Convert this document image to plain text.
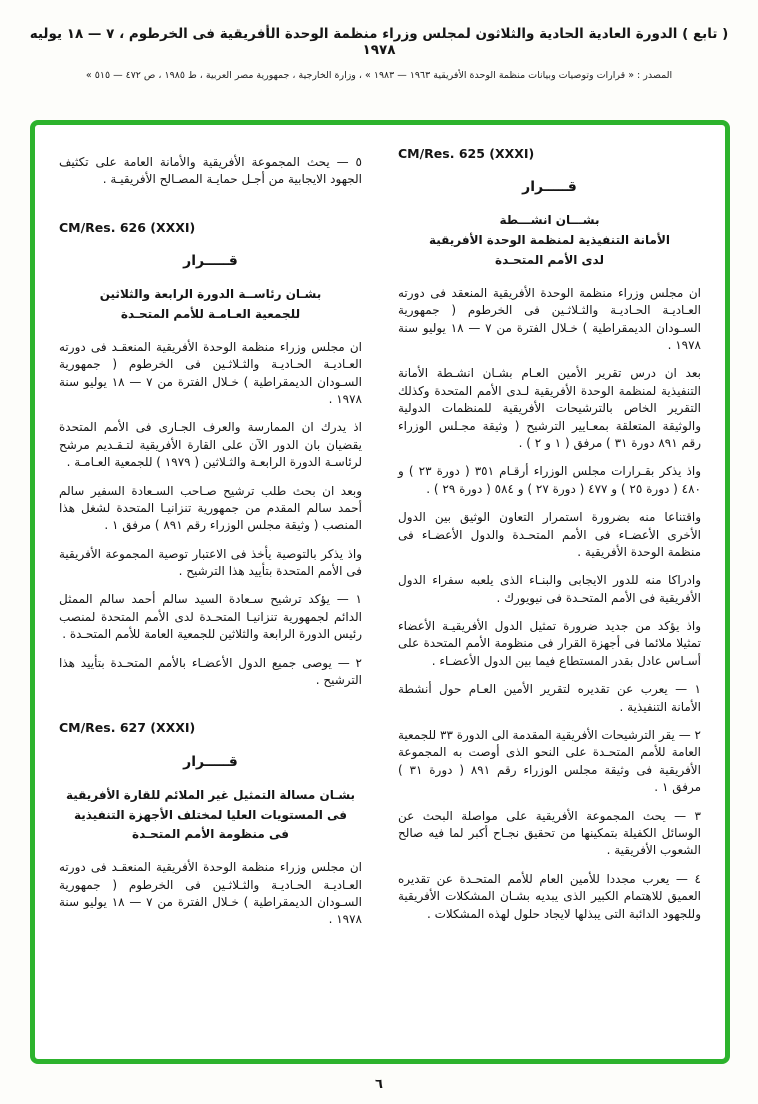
( تابع ) الدورة العادية الحادية والثلاثون لمجلس وزراء منظمة الوحدة الأفريقية فى الخرطوم ، ٧ — ١٨ يوليه ١٩٧٨
المصدر : « قرارات وتوصيات وبيانات منظمة الوحدة الأفريقية ١٩٦٣ — ١٩٨٣ » ، وزارة الخارجية ، جمهورية مصر العربية ، ط ١٩٨٥ ، ص ٤٧٢ — ٥١٥ »
CM/Res. 625 (XXXI)
قـــــرار
بشـــان انشـــطة
الأمانة التنفيذية لمنظمة الوحدة الأفريقية
لدى الأمم المتحـدة
ان مجلس وزراء منظمة الوحدة الأفريقية المنعقد فى دورته العـاديـة الحـاديـة والثـلاثـين فى الخرطوم ( جمهورية السـودان الديمقراطية ) خـلال الفترة من ٧ — ١٨ يوليو سنة ١٩٧٨ .
بعد ان درس تقرير الأمين العـام بشـان انشـطة الأمانة التنفيذية لمنظمة الوحدة الأفريقية لـدى الأمم المتحدة وكذلك التقرير الخاص بالترشيحات الأفريقية للمنظمات الدولية والوثيقة المتعلقة بمعـايير الترشيح ( وثيقة مجـلس الوزراء رقم ٨٩١ دورة ٣١ ) مرفق ( ١ و ٢ ) .
واذ يذكر بقـرارات مجلس الوزراء أرقـام ٣٥١ ( دورة ٢٣ ) و ٤٨٠ ( دورة ٢٥ ) و ٤٧٧ ( دورة ٢٧ ) و ٥٨٤ ( دورة ٢٩ ) .
واقتناعا منه بضرورة استمرار التعاون الوثيق بين الدول الأخرى الأعضـاء فى الأمم المتحـدة والدول الأعضـاء فى منظمة الوحدة الأفريقية .
وادراكا منه للدور الايجابى والبنـاء الذى يلعبه سفراء الدول الأفريقية فى الأمم المتحـدة فى نيويورك .
واذ يؤكد من جديد ضرورة تمثيل الدول الأفريقيـة الأعضاء تمثيلا ملائما فى أجهزة القرار فى منظومة الأمم المتحدة على أسـاس عادل بقدر المستطاع فيما بين الدول الأعضـاء .
١ — يعرب عن تقديره لتقرير الأمين العـام حول أنشطة الأمانة التنفيذية .
٢ — يقر الترشيحات الأفريقية المقدمة الى الدورة ٣٣ للجمعية العامة للأمم المتحـدة على النحو الذى أوصت به المجموعة الأفريقية فى وثيقة مجلس الوزراء رقم ٨٩١ ( دورة ٣١ ) مرفق ١ .
٣ — يحث المجموعة الأفريقية على مواصلة البحث عن الوسائل الكفيلة بتمكينها من تحقيق نجـاح أكبر لما فيه صالح الشعوب الأفريقية .
٤ — يعرب مجددا للأمين العام للأمم المتحـدة عن تقديره العميق للاهتمام الكبير الذى يبديه بشـان المشكلات الأفريقية وللجهود الدائبة التى يبذلها لايجاد حلول لهذه المشكلات .
٥ — يحث المجموعة الأفريقية والأمانة العامة على تكثيف الجهود الايجابية من أجـل حمايـة المصـالح الأفريقيـة .
CM/Res. 626 (XXXI)
قـــــرار
بشـان رئاســة الدورة الرابعة والثلاثين
للجمعية العـامـة للأمم المتحـدة
ان مجلس وزراء منظمة الوحدة الأفريقية المنعقـد فى دورته العـاديـة الحـاديـة والثـلاثـين فى الخرطوم ( جمهورية السـودان الديمقراطية ) خـلال الفترة من ٧ — ١٨ يوليو سنة ١٩٧٨ .
اذ يدرك ان الممارسة والعرف الجـارى فى الأمم المتحدة يقضيان بان الدور الآن على القارة الأفريقية لتـقـديم مرشح لرئاسـة الدورة الرابعـة والثـلاثين ( ١٩٧٩ ) للجمعية العـامـة .
وبعد ان بحث طلب ترشيح صـاحب السـعادة السفير سالم أحمد سالم المقدم من جمهورية تنزانيـا المتحدة لشغل هذا المنصب ( وثيقة مجلس الوزراء رقم ٨٩١ ) مرفق ١ .
واذ يذكر بالتوصية يأخذ فى الاعتبار توصية المجموعة الأفريقية فى الأمم المتحدة بتأييد هذا الترشيح .
١ — يؤكد ترشيح سـعادة السيد سالم أحمد سالم الممثل الدائم لجمهورية تنزانيـا المتحـدة لدى الأمم المتحدة لمنصب رئيس الدورة الرابعة والثلاثين للجمعية العامة للأمم المتحـدة .
٢ — يوصى جميع الدول الأعضـاء بالأمم المتحـدة بتأييد هذا الترشيح .
CM/Res. 627 (XXXI)
قـــــرار
بشـان مسالة التمثيل غير الملائم للقارة الأفريقية
فى المستويات العليا لمختلف الأجهزة التنفيذية
فى منظومة الأمم المتحـدة
ان مجلس وزراء منظمة الوحدة الأفريقية المنعقـد فى دورته العـاديـة الحـاديـة والثـلاثـين فى الخرطوم ( جمهورية السـودان الديمقراطية ) خـلال الفترة من ٧ — ١٨ يوليو سنة ١٩٧٨ .
٦
